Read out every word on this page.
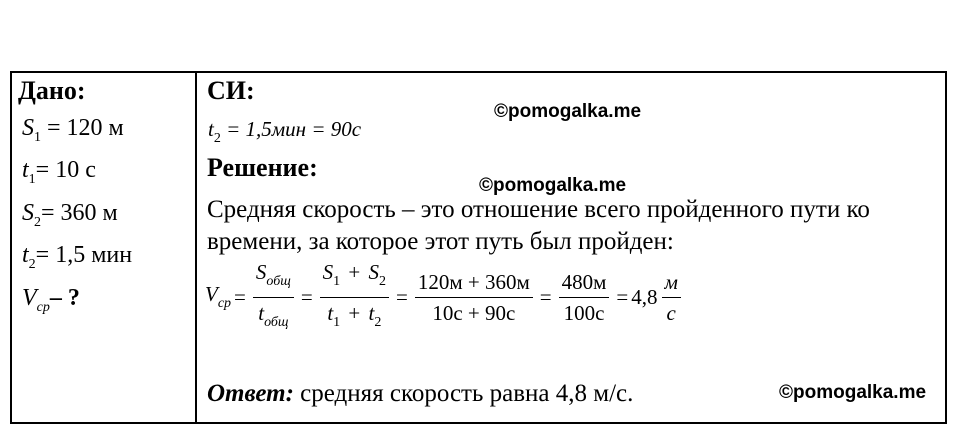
Дано:
$S_1 = 120$ м
$t_1= 10$ с
$S_2= 360$ м
$t_2= 1,5$ мин
$V_{ср}-$ ?
СИ:
$t_2 = 1,5мин = 90с$
Решение:
Средняя скорость – это отношение всего пройденного пути ко
времени, за которое этот путь был пройден:
$V_{ср} = \frac{S_{общ}}{t_{общ}} = \frac{S_1 + S_2}{t_1 + t_2} = \frac{120м + 360м}{10с + 90с} = \frac{480м}{100с} = 4,8 \frac{м}{с}$
Ответ: средняя скорость равна 4,8 м/с.
©pomogalka.me
©pomogalka.me
©pomogalka.me
